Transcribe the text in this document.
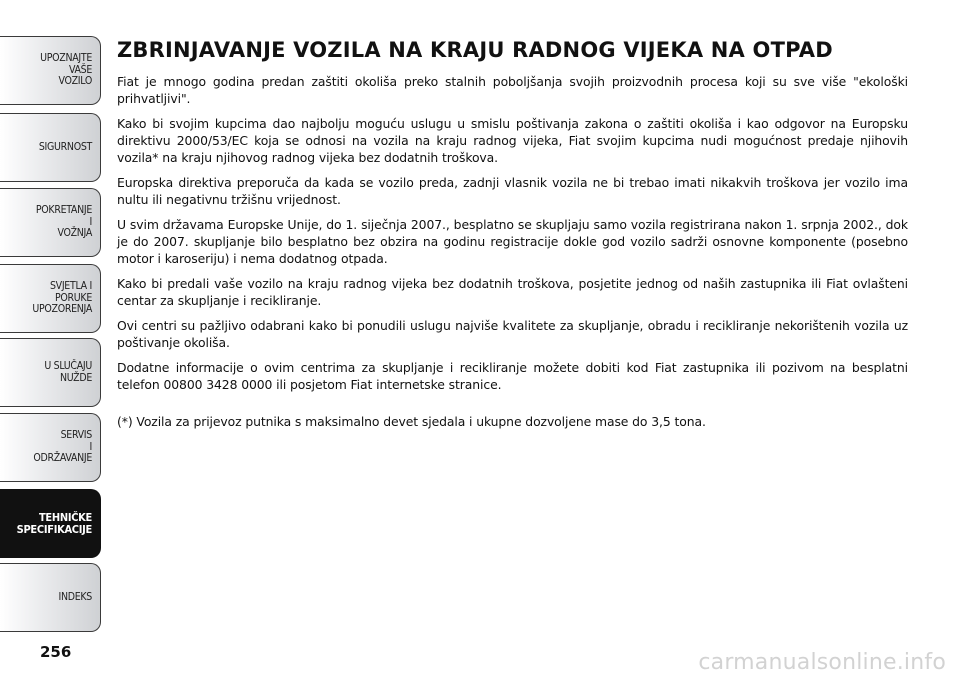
UPOZNAJTE
VAŠE
VOZILO
SIGURNOST
POKRETANJE
I
VOŽNJA
SVJETLA I
PORUKE
UPOZORENJA
U SLUČAJU
NUŽDE
SERVIS
I
ODRŽAVANJE
TEHNIČKE
SPECIFIKACIJE
INDEKS
256
ZBRINJAVANJE VOZILA NA KRAJU RADNOG VIJEKA NA OTPAD

Fiat je mnogo godina predan zaštiti okoliša preko stalnih poboljšanja svojih proizvodnih procesa koji su sve više "ekološki prihvatljivi".

Kako bi svojim kupcima dao najbolju moguću uslugu u smislu poštivanja zakona o zaštiti okoliša i kao odgovor na Europsku direktivu 2000/53/EC koja se odnosi na vozila na kraju radnog vijeka, Fiat svojim kupcima nudi mogućnost predaje njihovih vozila* na kraju njihovog radnog vijeka bez dodatnih troškova.

Europska direktiva preporuča da kada se vozilo preda, zadnji vlasnik vozila ne bi trebao imati nikakvih troškova jer vozilo ima nultu ili negativnu tržišnu vrijednost.

U svim državama Europske Unije, do 1. siječnja 2007., besplatno se skupljaju samo vozila registrirana nakon 1. srpnja 2002., dok je do 2007. skupljanje bilo besplatno bez obzira na godinu registracije dokle god vozilo sadrži osnovne komponente (posebno motor i karoseriju) i nema dodatnog otpada.

Kako bi predali vaše vozilo na kraju radnog vijeka bez dodatnih troškova, posjetite jednog od naših zastupnika ili Fiat ovlašteni centar za skupljanje i recikliranje.

Ovi centri su pažljivo odabrani kako bi ponudili uslugu najviše kvalitete za skupljanje, obradu i recikliranje nekorištenih vozila uz poštivanje okoliša.

Dodatne informacije o ovim centrima za skupljanje i recikliranje možete dobiti kod Fiat zastupnika ili pozivom na besplatni telefon 00800 3428 0000 ili posjetom Fiat internetske stranice.

(*) Vozila za prijevoz putnika s maksimalno devet sjedala i ukupne dozvoljene mase do 3,5 tona.

carmanualsonline.info
